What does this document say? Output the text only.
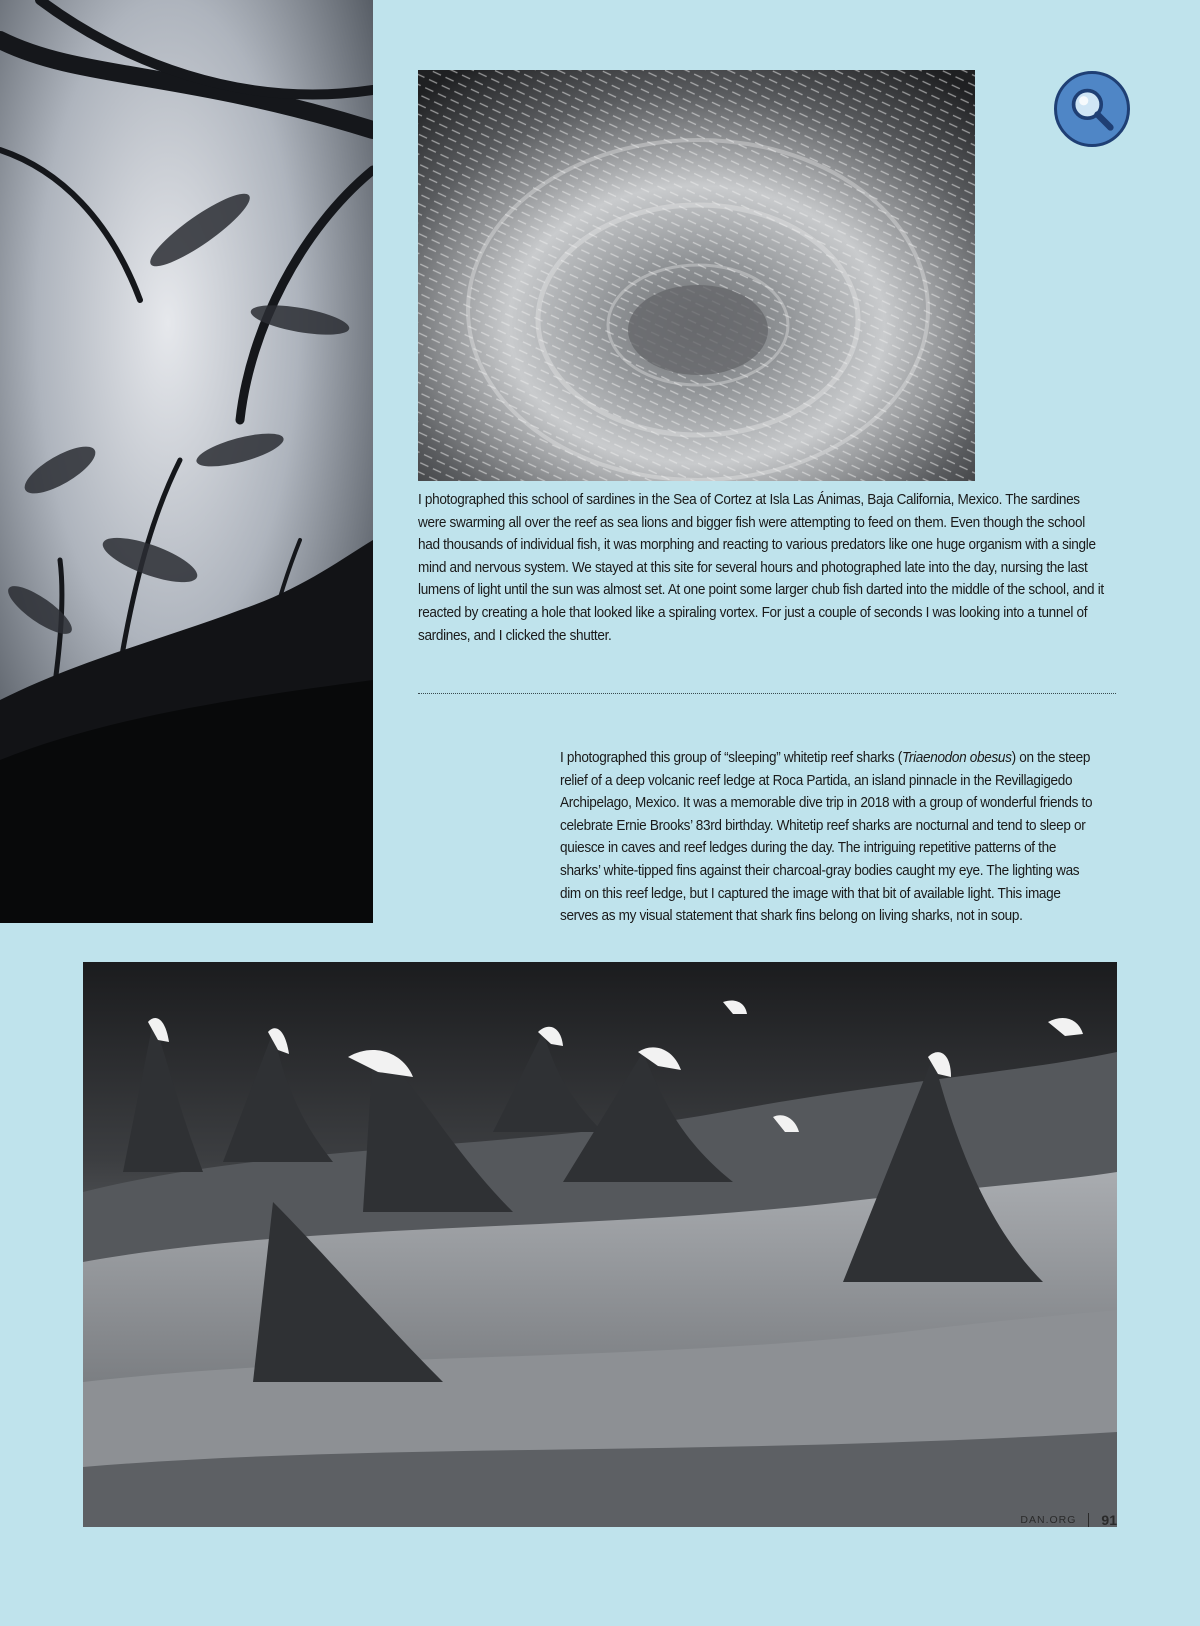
I photographed this school of sardines in the Sea of Cortez at Isla Las Ánimas, Baja California, Mexico. The sardines were swarming all over the reef as sea lions and bigger fish were attempting to feed on them. Even though the school had thousands of individual fish, it was morphing and reacting to various predators like one huge organism with a single mind and nervous system. We stayed at this site for several hours and photographed late into the day, nursing the last lumens of light until the sun was almost set. At one point some larger chub fish darted into the middle of the school, and it reacted by creating a hole that looked like a spiraling vortex. For just a couple of seconds I was looking into a tunnel of sardines, and I clicked the shutter.

I photographed this group of “sleeping” whitetip reef sharks (Triaenodon obesus) on the steep relief of a deep volcanic reef ledge at Roca Partida, an island pinnacle in the Revillagigedo Archipelago, Mexico. It was a memorable dive trip in 2018 with a group of wonderful friends to celebrate Ernie Brooks’ 83rd birthday. Whitetip reef sharks are nocturnal and tend to sleep or quiesce in caves and reef ledges during the day. The intriguing repetitive patterns of the sharks’ white-tipped fins against their charcoal-gray bodies caught my eye. The lighting was dim on this reef ledge, but I captured the image with that bit of available light. This image serves as my visual statement that shark fins belong on living sharks, not in soup.

DAN.ORG 91
